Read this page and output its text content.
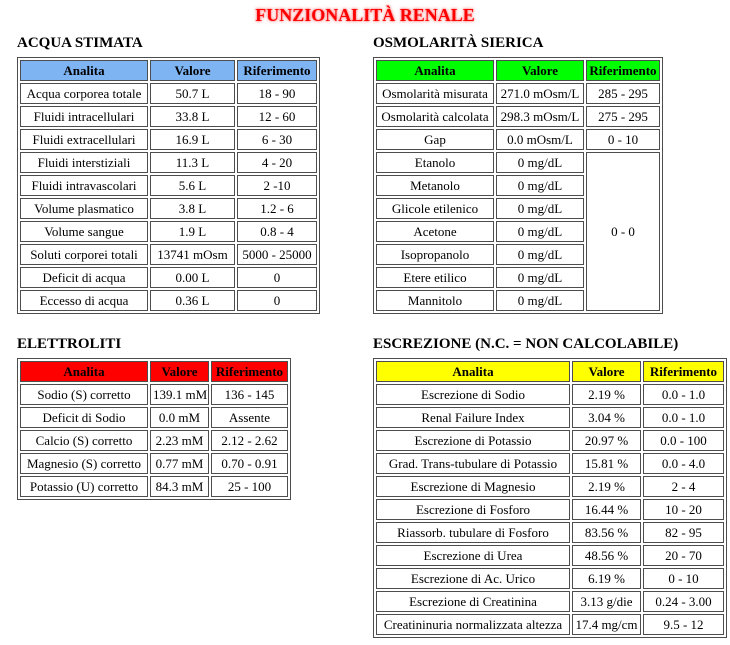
FUNZIONALITÀ RENALE
ACQUA STIMATA
Analita	Valore	Riferimento
Acqua corporea totale	50.7 L	18 - 90
Fluidi intracellulari	33.8 L	12 - 60
Fluidi extracellulari	16.9 L	6 - 30
Fluidi interstiziali	11.3 L	4 - 20
Fluidi intravascolari	5.6 L	2 -10
Volume plasmatico	3.8 L	1.2 - 6
Volume sangue	1.9 L	0.8 - 4
Soluti corporei totali	13741 mOsm	5000 - 25000
Deficit di acqua	0.00 L	0
Eccesso di acqua	0.36 L	0
OSMOLARITÀ SIERICA
Analita	Valore	Riferimento
Osmolarità misurata	271.0 mOsm/L	285 - 295
Osmolarità calcolata	298.3 mOsm/L	275 - 295
Gap	0.0 mOsm/L	0 - 10
Etanolo	0 mg/dL	0 - 0
Metanolo	0 mg/dL	
Glicole etilenico	0 mg/dL	
Acetone	0 mg/dL	
Isopropanolo	0 mg/dL	
Etere etilico	0 mg/dL	
Mannitolo	0 mg/dL	
ELETTROLITI
Analita	Valore	Riferimento
Sodio (S) corretto	139.1 mM	136 - 145
Deficit di Sodio	0.0 mM	Assente
Calcio (S) corretto	2.23 mM	2.12 - 2.62
Magnesio (S) corretto	0.77 mM	0.70 - 0.91
Potassio (U) corretto	84.3 mM	25 - 100
ESCREZIONE (N.C. = NON CALCOLABILE)
Analita	Valore	Riferimento
Escrezione di Sodio	2.19 %	0.0 - 1.0
Renal Failure Index	3.04 %	0.0 - 1.0
Escrezione di Potassio	20.97 %	0.0 - 100
Grad. Trans-tubulare di Potassio	15.81 %	0.0 - 4.0
Escrezione di Magnesio	2.19 %	2 - 4
Escrezione di Fosforo	16.44 %	10 - 20
Riassorb. tubulare di Fosforo	83.56 %	82 - 95
Escrezione di Urea	48.56 %	20 - 70
Escrezione di Ac. Urico	6.19 %	0 - 10
Escrezione di Creatinina	3.13 g/die	0.24 - 3.00
Creatininuria normalizzata altezza	17.4 mg/cm	9.5 - 12
